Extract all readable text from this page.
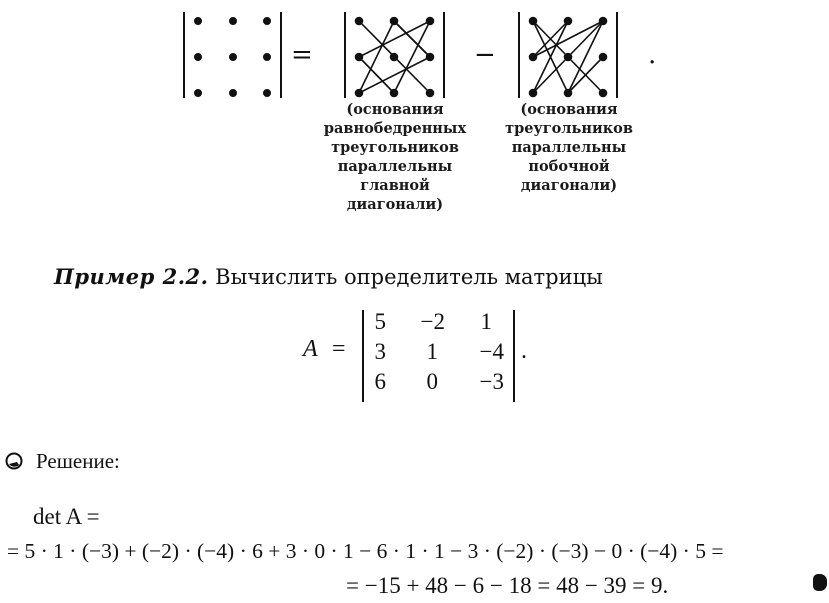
=	−	.
(основания
равнобедренных
треугольников
параллельны
главной
диагонали)
(основания
треугольников
параллельны
побочной
диагонали)
Пример 2.2. Вычислить определитель матрицы
A =
5	−2	1
3	1	−4
6	0	−3
.
Решение:
det A =
= 5 · 1 · (−3) + (−2) · (−4) · 6 + 3 · 0 · 1 − 6 · 1 · 1 − 3 · (−2) · (−3) − 0 · (−4) · 5 =
= −15 + 48 − 6 − 18 = 48 − 39 = 9.
